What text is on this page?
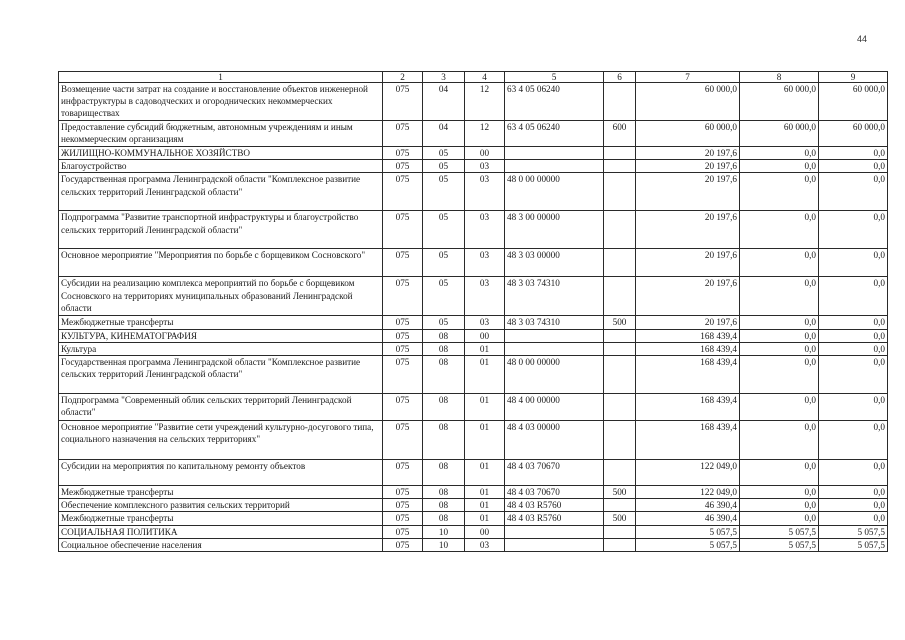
44
1	2	3	4	5	6	7	8	9
Возмещение части затрат на создание и восстановление объектов инженерной инфраструктуры в садоводческих и огороднических некоммерческих товариществах	075	04	12	63 4 05 06240		60 000,0	60 000,0	60 000,0
Предоставление субсидий бюджетным, автономным учреждениям и иным некоммерческим организациям	075	04	12	63 4 05 06240	600	60 000,0	60 000,0	60 000,0
ЖИЛИЩНО-КОММУНАЛЬНОЕ ХОЗЯЙСТВО	075	05	00			20 197,6	0,0	0,0
Благоустройство	075	05	03			20 197,6	0,0	0,0
Государственная программа Ленинградской области "Комплексное развитие сельских территорий Ленинградской области"	075	05	03	48 0 00 00000		20 197,6	0,0	0,0
Подпрограмма "Развитие транспортной инфраструктуры и благоустройство сельских территорий Ленинградской области"	075	05	03	48 3 00 00000		20 197,6	0,0	0,0
Основное мероприятие "Мероприятия по борьбе с борщевиком Сосновского"	075	05	03	48 3 03 00000		20 197,6	0,0	0,0
Субсидии на реализацию комплекса мероприятий по борьбе с борщевиком Сосновского на территориях муниципальных образований Ленинградской области	075	05	03	48 3 03 74310		20 197,6	0,0	0,0
Межбюджетные трансферты	075	05	03	48 3 03 74310	500	20 197,6	0,0	0,0
КУЛЬТУРА, КИНЕМАТОГРАФИЯ	075	08	00			168 439,4	0,0	0,0
Культура	075	08	01			168 439,4	0,0	0,0
Государственная программа Ленинградской области "Комплексное развитие сельских территорий Ленинградской области"	075	08	01	48 0 00 00000		168 439,4	0,0	0,0
Подпрограмма "Современный облик сельских территорий Ленинградской области"	075	08	01	48 4 00 00000		168 439,4	0,0	0,0
Основное мероприятие "Развитие сети учреждений культурно-досугового типа, социального назначения на сельских территориях"	075	08	01	48 4 03 00000		168 439,4	0,0	0,0
Субсидии на мероприятия по капитальному ремонту объектов	075	08	01	48 4 03 70670		122 049,0	0,0	0,0
Межбюджетные трансферты	075	08	01	48 4 03 70670	500	122 049,0	0,0	0,0
Обеспечение комплексного развития сельских территорий	075	08	01	48 4 03 R5760		46 390,4	0,0	0,0
Межбюджетные трансферты	075	08	01	48 4 03 R5760	500	46 390,4	0,0	0,0
СОЦИАЛЬНАЯ ПОЛИТИКА	075	10	00			5 057,5	5 057,5	5 057,5
Социальное обеспечение населения	075	10	03			5 057,5	5 057,5	5 057,5
